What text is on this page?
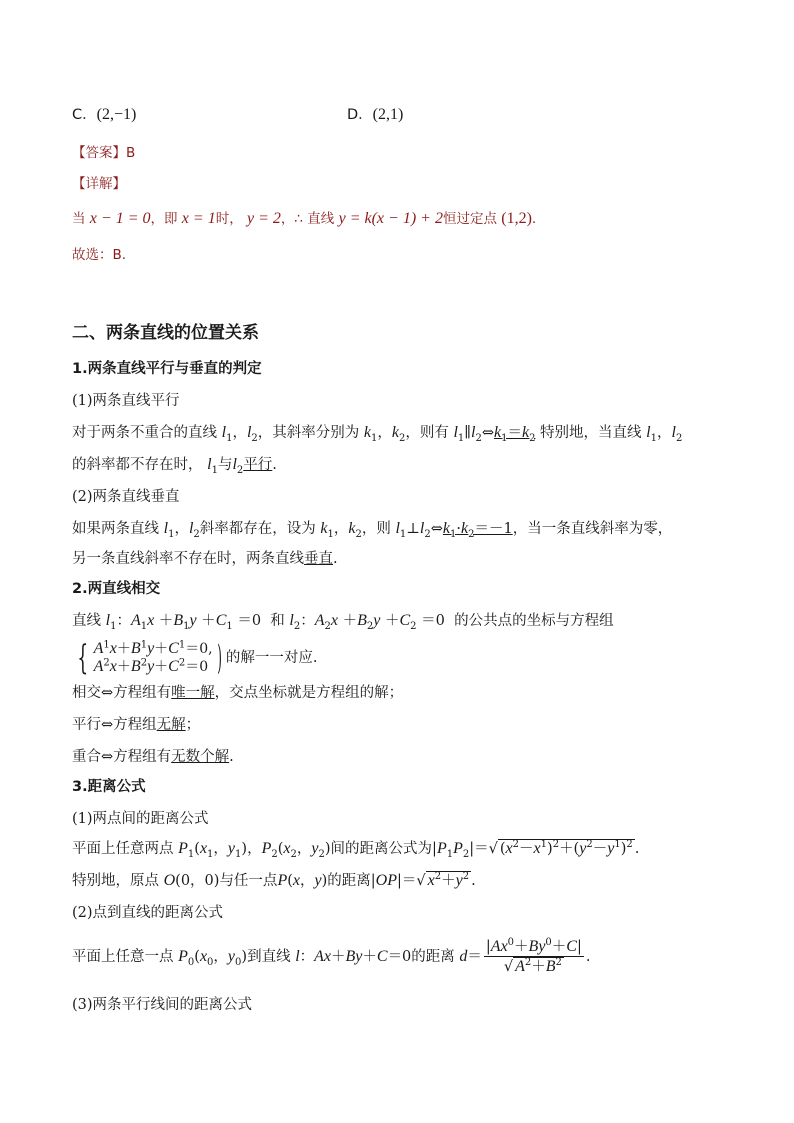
C．(2,−1)	D．(2,1)
【答案】B
【详解】
当 x − 1 = 0，即 x = 1时， y = 2，∴ 直线 y = k(x − 1) + 2恒过定点 (1,2).
故选：B.
二、两条直线的位置关系
1.两条直线平行与垂直的判定
(1)两条直线平行
对于两条不重合的直线 $l_1$，$l_2$，其斜率分别为 $k_1$，$k_2$，则有 $l_1\parallel l_2\Leftrightarrow k_1=k_2$ 特别地，当直线 $l_1$，$l_2$
的斜率都不存在时， $l_1$与$l_2$平行.
(2)两条直线垂直
如果两条直线 $l_1$，$l_2$斜率都存在，设为 $k_1$，$k_2$，则 $l_1\perp l_2\Leftrightarrow k_1\cdot k_2=-1$，当一条直线斜率为零，
另一条直线斜率不存在时，两条直线垂直.
2.两直线相交
直线 $l_1$：$A_1x +B_1y +C_1 =0$  和 $l_2$：$A_2x +B_2y +C_2 =0$  的公共点的坐标与方程组
{ $A^1x+B^1y+C^1=0$,
$A^2x+B^2y+C^2=0$) 的解一一对应.
相交⇔方程组有唯一解，交点坐标就是方程组的解；
平行⇔方程组无解；
重合⇔方程组有无数个解.
3.距离公式
(1)两点间的距离公式
平面上任意两点 $P_1(x_1$，$y_1$)，$P_2(x_2$，$y_2$)间的距离公式为$|P_1P_2|=√$ $(x^2-x^1)^2+(y^2-y^1)^2$ .
特别地，原点 O(0，0)与任一点P(x，y)的距离|OP|＝√ $x^2+y^2$ .
(2)点到直线的距离公式
平面上任意一点 $P_0(x_0$，$y_0$)到直线 l：Ax＋By＋C＝0的距离 $d= \frac{|Ax^0+By^0+C|}{√ A^2+B^2}$ .
(3)两条平行线间的距离公式
